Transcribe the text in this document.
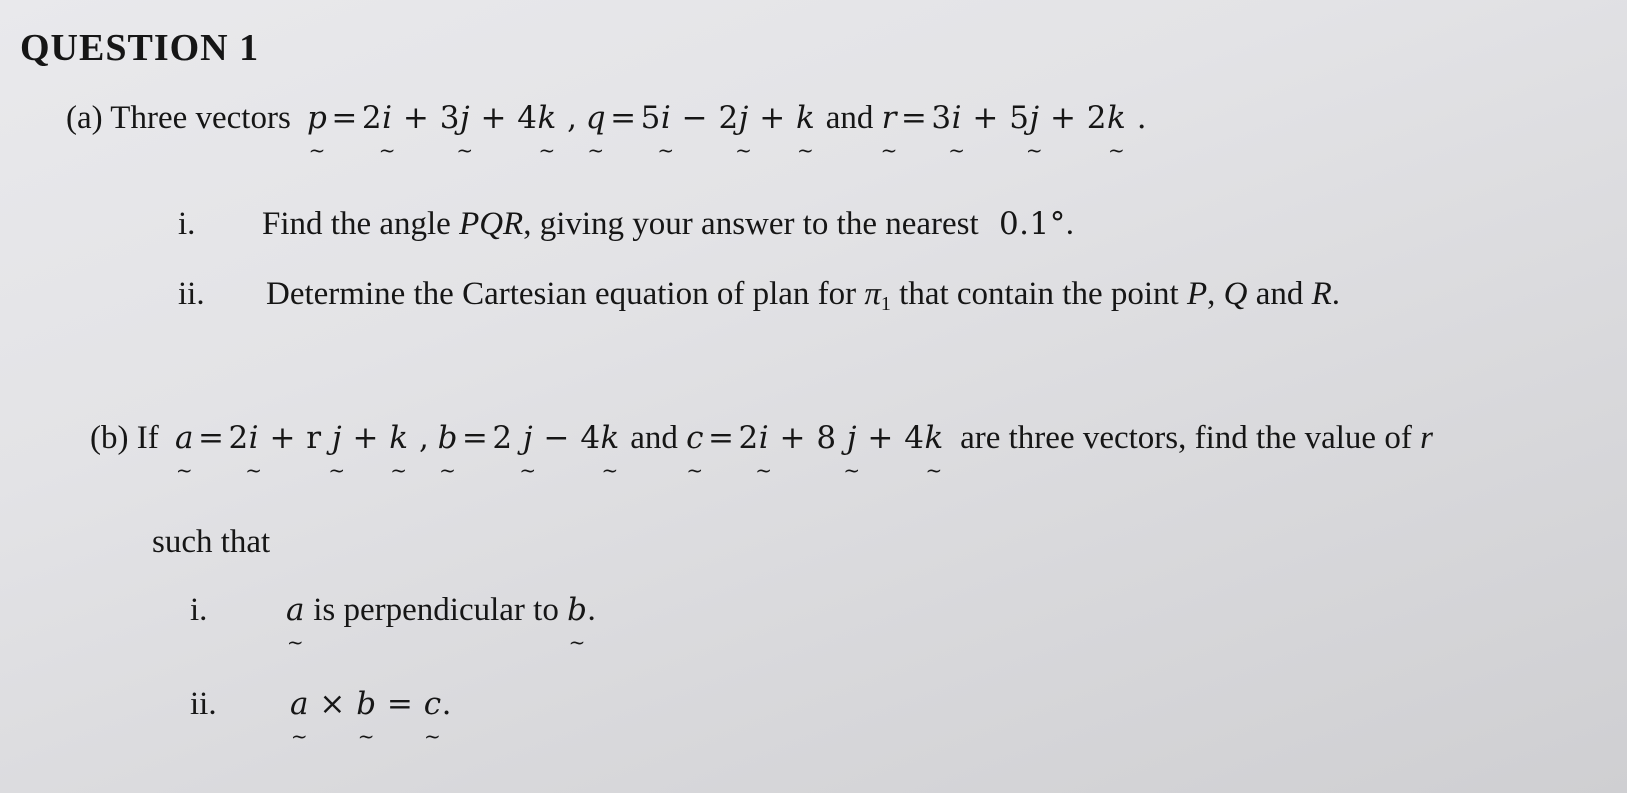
QUESTION 1
(a) Three vectors p ~ = 2i ~ + 3j ~ + 4k ~ , q ~ = 5i ~ − 2j ~ + k ~ and r ~ = 3i ~ + 5j ~ + 2k ~ .
i. Find the angle PQR, giving your answer to the nearest 0.1°.
ii. Determine the Cartesian equation of plan for $\pi_1$ that contain the point P, Q and R.
(b) If a ~ = 2i ~ + r j ~ + k ~ , b ~ = 2 j ~ − 4k ~ and c ~ = 2i ~ + 8 j ~ + 4k ~ are three vectors, find the value of r
such that
i.	a ~ is perpendicular to b ~.
ii. a ~ × b ~ = c ~.
